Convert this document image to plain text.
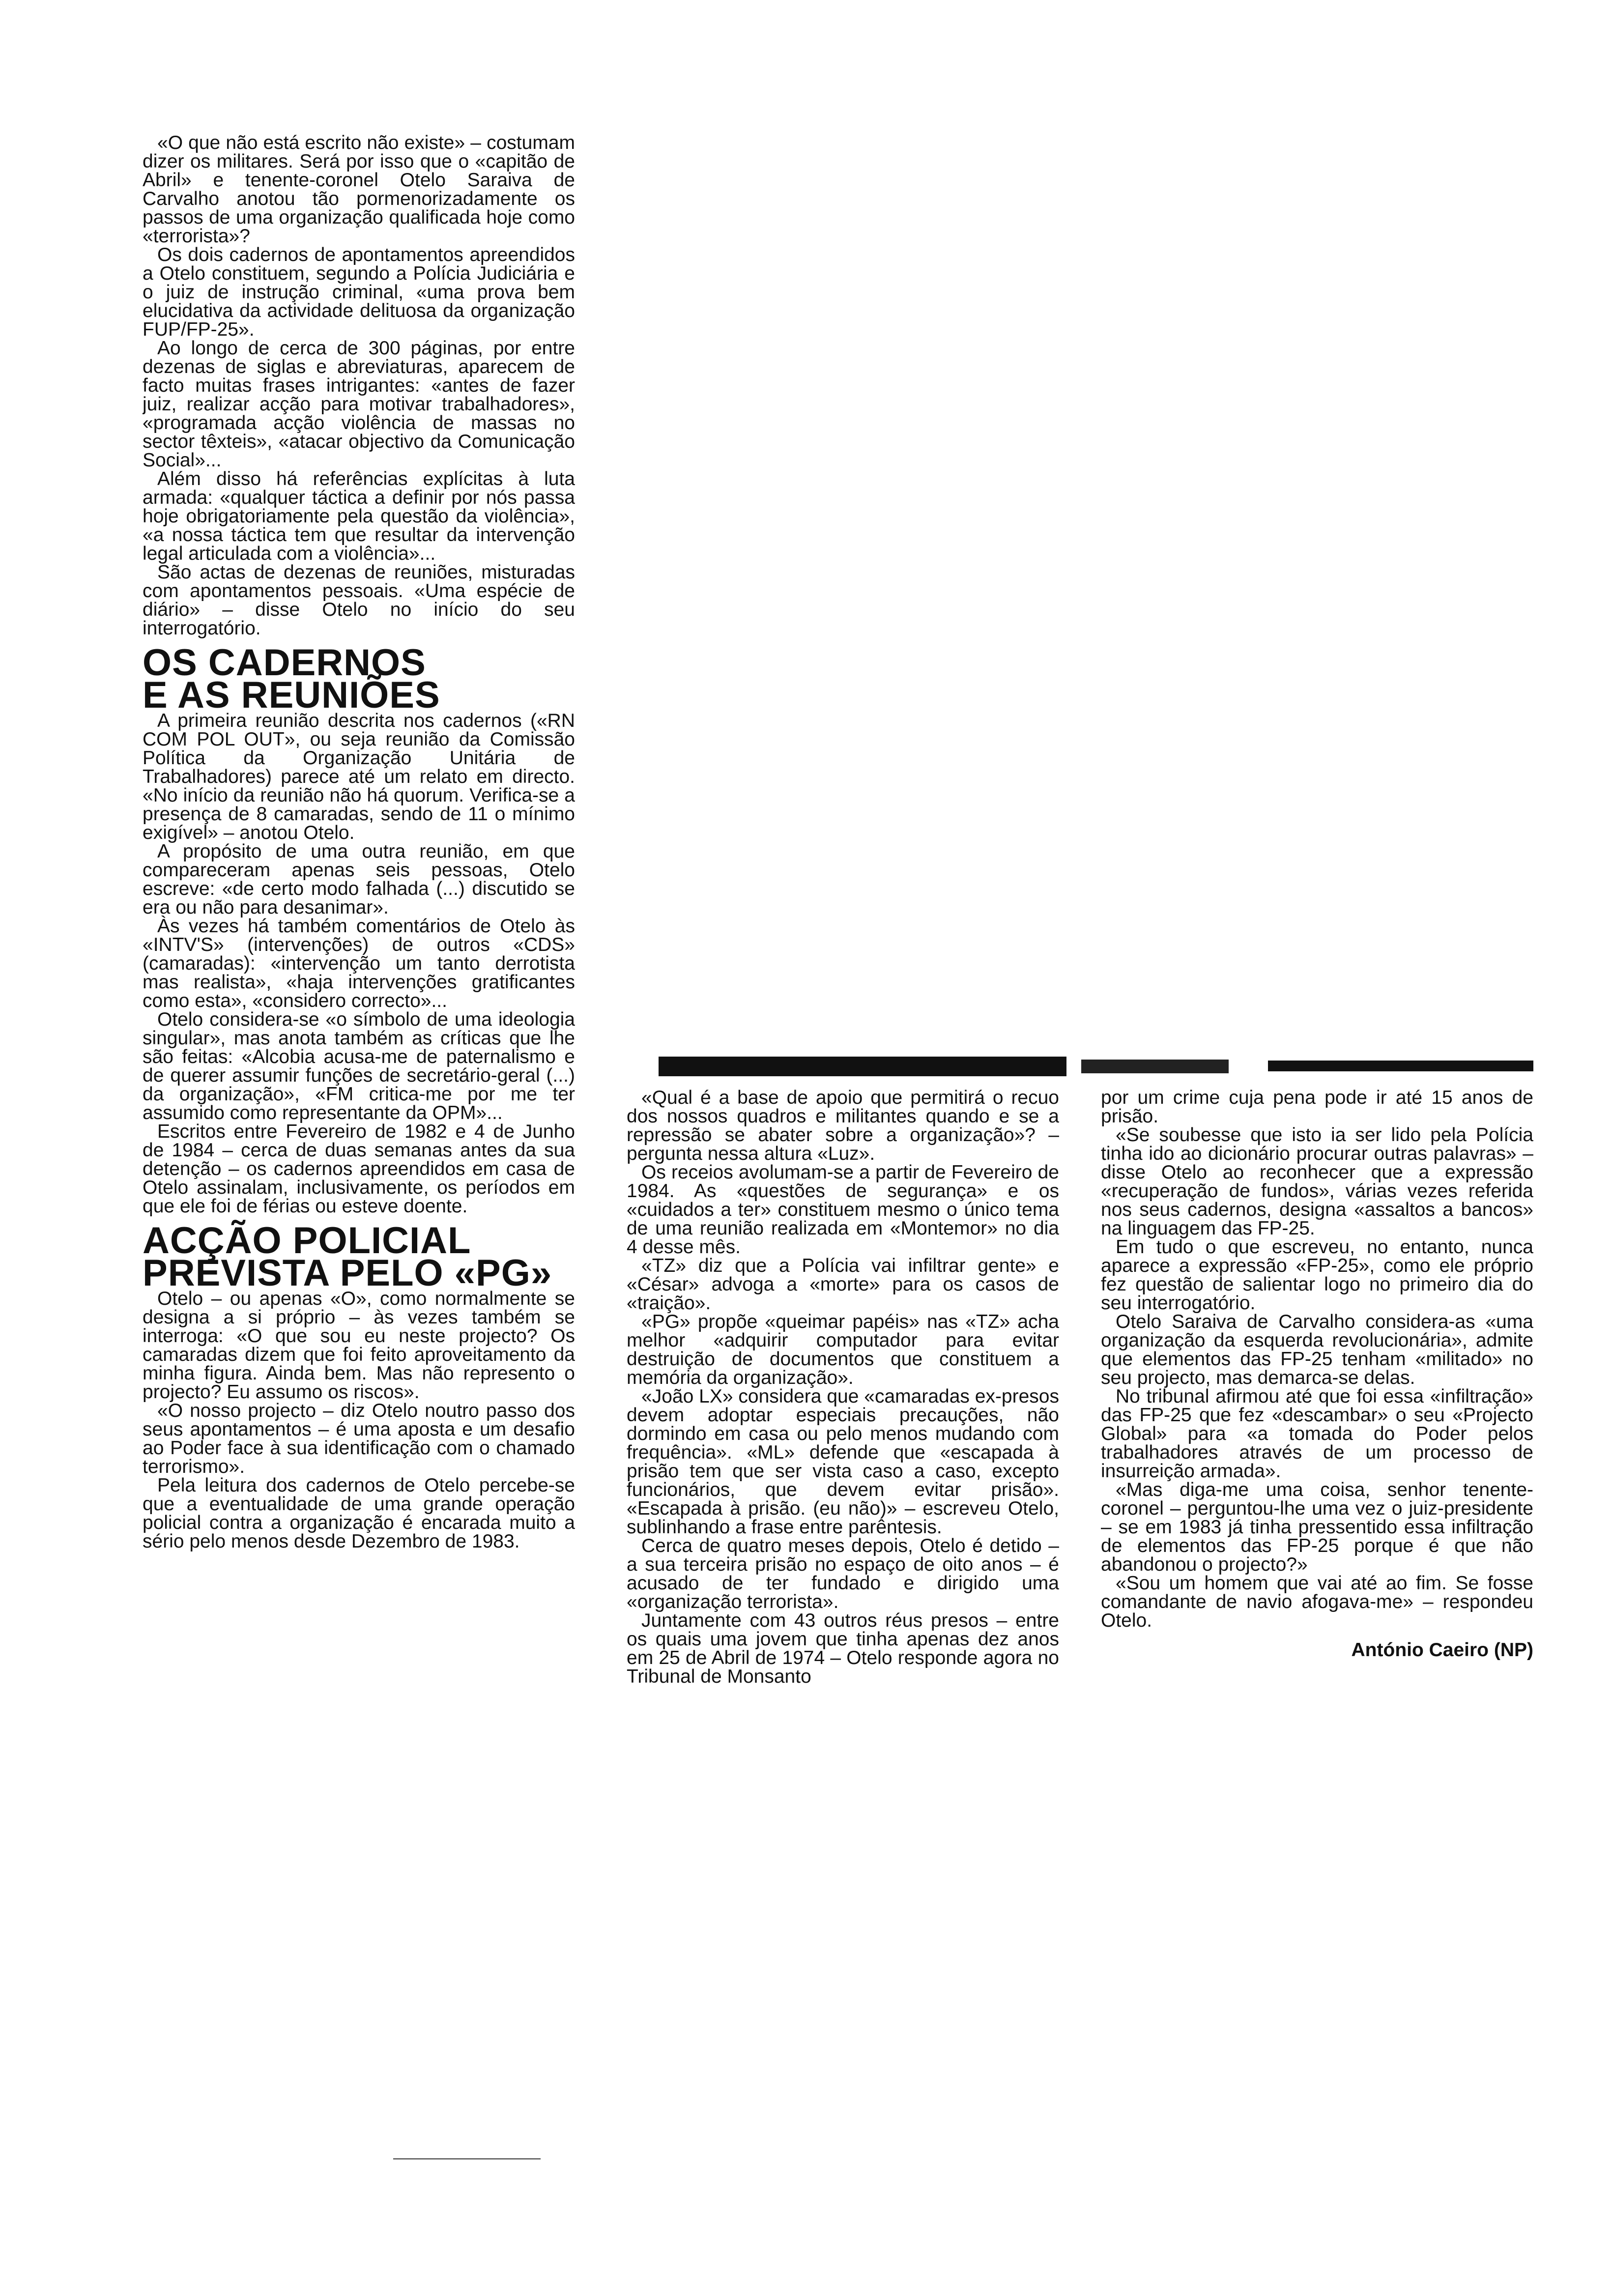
«O que não está escrito não existe» – costumam dizer os militares. Será por isso que o «capitão de Abril» e tenente-coronel Otelo Saraiva de Carvalho anotou tão pormenorizadamente os passos de uma organização qualificada hoje como «terrorista»?

Os dois cadernos de apontamentos apreendidos a Otelo constituem, segundo a Polícia Judiciária e o juiz de instrução criminal, «uma prova bem elucidativa da actividade delituosa da organização FUP/FP-25».

Ao longo de cerca de 300 páginas, por entre dezenas de siglas e abreviaturas, aparecem de facto muitas frases intrigantes: «antes de fazer juiz, realizar acção para motivar trabalhadores», «programada acção violência de massas no sector têxteis», «atacar objectivo da Comunicação Social»...

Além disso há referências explícitas à luta armada: «qualquer táctica a definir por nós passa hoje obrigatoriamente pela questão da violência», «a nossa táctica tem que resultar da intervenção legal articulada com a violência»...

São actas de dezenas de reuniões, misturadas com apontamentos pessoais. «Uma espécie de diário» – disse Otelo no início do seu interrogatório.

OS CADERNOS
E AS REUNIÕES

A primeira reunião descrita nos cadernos («RN COM POL OUT», ou seja reunião da Comissão Política da Organização Unitária de Trabalhadores) parece até um relato em directo. «No início da reunião não há quorum. Verifica-se a presença de 8 camaradas, sendo de 11 o mínimo exigível» – anotou Otelo.

A propósito de uma outra reunião, em que compareceram apenas seis pessoas, Otelo escreve: «de certo modo falhada (...) discutido se era ou não para desanimar».

Às vezes há também comentários de Otelo às «INTV'S» (intervenções) de outros «CDS» (camaradas): «intervenção um tanto derrotista mas realista», «haja intervenções gratificantes como esta», «considero correcto»...

Otelo considera-se «o símbolo de uma ideologia singular», mas anota também as críticas que lhe são feitas: «Alcobia acusa-me de paternalismo e de querer assumir funções de secretário-geral (...) da organização», «FM critica-me por me ter assumido como representante da OPM»...

Escritos entre Fevereiro de 1982 e 4 de Junho de 1984 – cerca de duas semanas antes da sua detenção – os cadernos apreendidos em casa de Otelo assinalam, inclusivamente, os períodos em que ele foi de férias ou esteve doente.

ACÇÃO POLICIAL
PREVISTA PELO «PG»

Otelo – ou apenas «O», como normalmente se designa a si próprio – às vezes também se interroga: «O que sou eu neste projecto? Os camaradas dizem que foi feito aproveitamento da minha figura. Ainda bem. Mas não represento o projecto? Eu assumo os riscos».

«O nosso projecto – diz Otelo noutro passo dos seus apontamentos – é uma aposta e um desafio ao Poder face à sua identificação com o chamado terrorismo».

Pela leitura dos cadernos de Otelo percebe-se que a eventualidade de uma grande operação policial contra a organização é encarada muito a sério pelo menos desde Dezembro de 1983.

«Qual é a base de apoio que permitirá o recuo dos nossos quadros e militantes quando e se a repressão se abater sobre a organização»? – pergunta nessa altura «Luz».

Os receios avolumam-se a partir de Fevereiro de 1984. As «questões de segurança» e os «cuidados a ter» constituem mesmo o único tema de uma reunião realizada em «Montemor» no dia 4 desse mês.

«TZ» diz que a Polícia vai infiltrar gente» e «César» advoga a «morte» para os casos de «traição».

«PG» propõe «queimar papéis» nas «TZ» acha melhor «adquirir computador para evitar destruição de documentos que constituem a memória da organização».

«João LX» considera que «camaradas ex-presos devem adoptar especiais precauções, não dormindo em casa ou pelo menos mudando com frequência». «ML» defende que «escapada à prisão tem que ser vista caso a caso, excepto funcionários, que devem evitar prisão». «Escapada à prisão. (eu não)» – escreveu Otelo, sublinhando a frase entre parêntesis.

Cerca de quatro meses depois, Otelo é detido – a sua terceira prisão no espaço de oito anos – é acusado de ter fundado e dirigido uma «organização terrorista».

Juntamente com 43 outros réus presos – entre os quais uma jovem que tinha apenas dez anos em 25 de Abril de 1974 – Otelo responde agora no Tribunal de Monsanto

por um crime cuja pena pode ir até 15 anos de prisão.

«Se soubesse que isto ia ser lido pela Polícia tinha ido ao dicionário procurar outras palavras» – disse Otelo ao reconhecer que a expressão «recuperação de fundos», várias vezes referida nos seus cadernos, designa «assaltos a bancos» na linguagem das FP-25.

Em tudo o que escreveu, no entanto, nunca aparece a expressão «FP-25», como ele próprio fez questão de salientar logo no primeiro dia do seu interrogatório.

Otelo Saraiva de Carvalho considera-as «uma organização da esquerda revolucionária», admite que elementos das FP-25 tenham «militado» no seu projecto, mas demarca-se delas.

No tribunal afirmou até que foi essa «infiltração» das FP-25 que fez «descambar» o seu «Projecto Global» para «a tomada do Poder pelos trabalhadores através de um processo de insurreição armada».

«Mas diga-me uma coisa, senhor tenente-coronel – perguntou-lhe uma vez o juiz-presidente – se em 1983 já tinha pressentido essa infiltração de elementos das FP-25 porque é que não abandonou o projecto?»

«Sou um homem que vai até ao fim. Se fosse comandante de navio afogava-me» – respondeu Otelo.

António Caeiro (NP)
